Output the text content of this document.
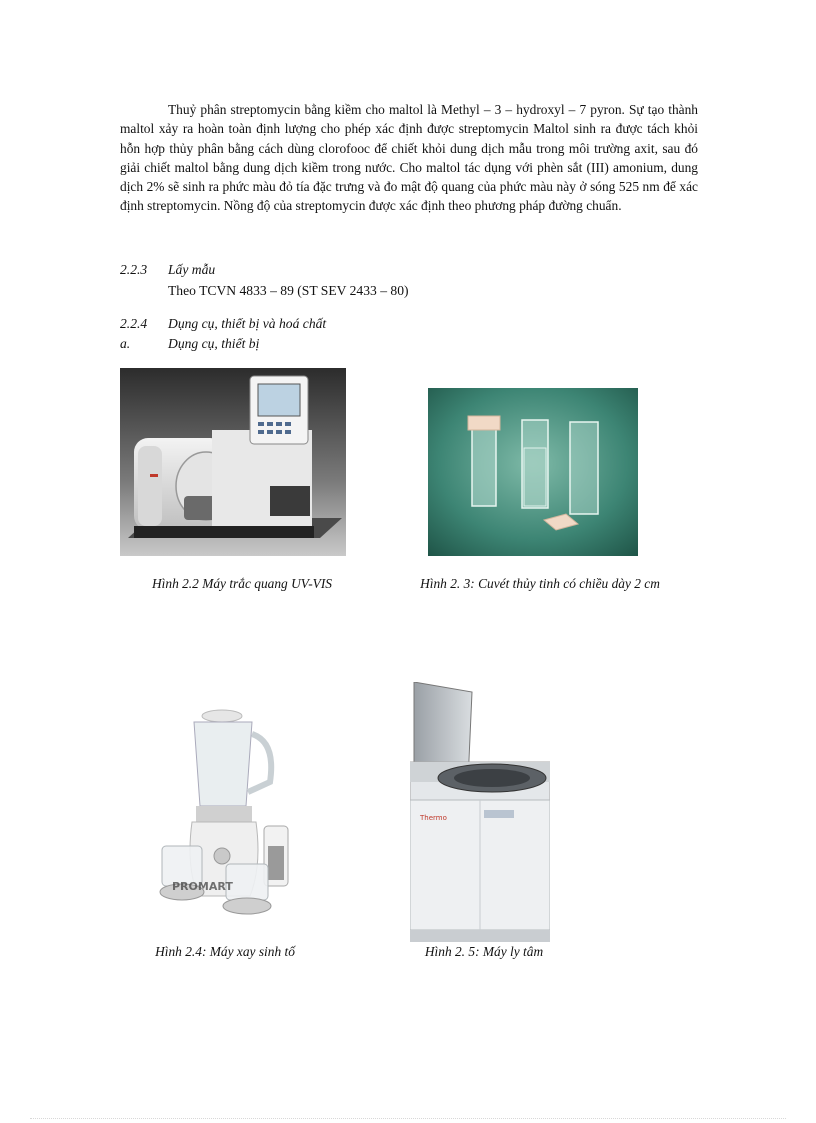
Thuỷ phân streptomycin bằng kiềm cho maltol là Methyl – 3 – hydroxyl – 7 pyron. Sự tạo thành maltol xảy ra hoàn toàn định lượng cho phép xác định được streptomycin Maltol sinh ra được tách khỏi hỗn hợp thủy phân bằng cách dùng clorofooc để chiết khỏi dung dịch mẫu trong môi trường axit, sau đó giải chiết maltol bằng dung dịch kiềm trong nước. Cho maltol tác dụng với phèn sắt (III) amonium, dung dịch 2% sẽ sinh ra phức màu đỏ tía đặc trưng và đo mật độ quang của phức màu này ở sóng 525 nm để xác định streptomycin. Nồng độ của streptomycin được xác định theo phương pháp đường chuẩn.

2.2.3 Lấy mẫu
Theo TCVN 4833 – 89 (ST SEV 2433 – 80)
2.2.4 Dụng cụ, thiết bị và hoá chất
a.	Dụng cụ, thiết bị
Hình 2.2 Máy trắc quang UV-VIS	Hình 2. 3: Cuvét thủy tinh có chiều dày 2 cm
PROMART
Thermo
Hình 2.4: Máy xay sinh tố	Hình 2. 5: Máy ly tâm
